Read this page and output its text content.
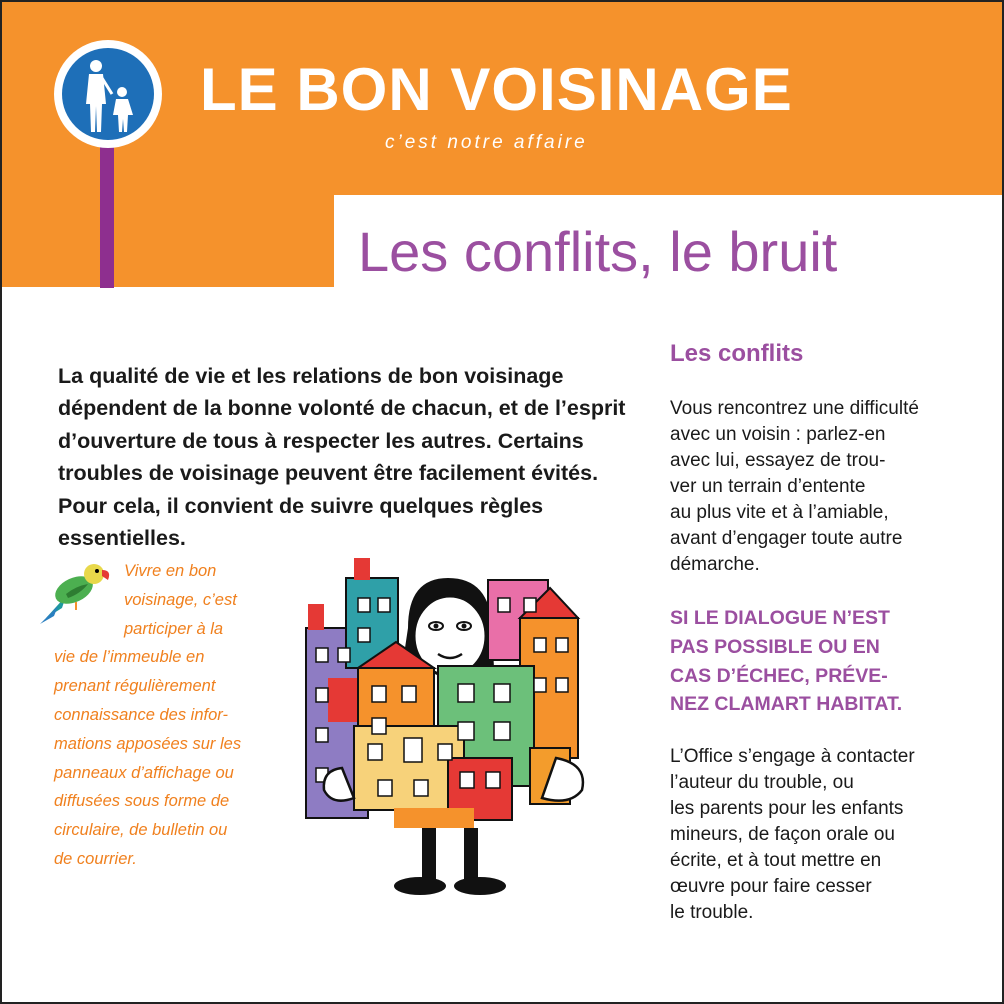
LE BON VOISINAGE
c’est notre affaire
Les conflits, le bruit

La qualité de vie et les relations de bon voisinage dépendent de la bonne volonté de chacun, et de l’esprit d’ouverture de tous à respecter les autres. Certains troubles de voisinage peuvent être facilement évités. Pour cela, il convient de suivre quelques règles essentielles.

Vivre en bon
voisinage, c’est
participer à la
vie de l’immeuble en
prenant régulièrement
connaissance des infor-
mations apposées sur les
panneaux d’affichage ou
diffusées sous forme de
circulaire, de bulletin ou
de courrier.
Les conflits
Vous rencontrez une difficulté
avec un voisin : parlez-en
avec lui, essayez de trou-
ver un terrain d’entente
au plus vite et à l’amiable,
avant d’engager toute autre
démarche.
SI LE DIALOGUE N’EST
PAS POSSIBLE OU EN
CAS D’ÉCHEC, PRÉVE-
NEZ CLAMART HABITAT.
L’Office s’engage à contacter
l’auteur du trouble, ou
les parents pour les enfants
mineurs, de façon orale ou
écrite, et à tout mettre en
œuvre pour faire cesser
le trouble.
